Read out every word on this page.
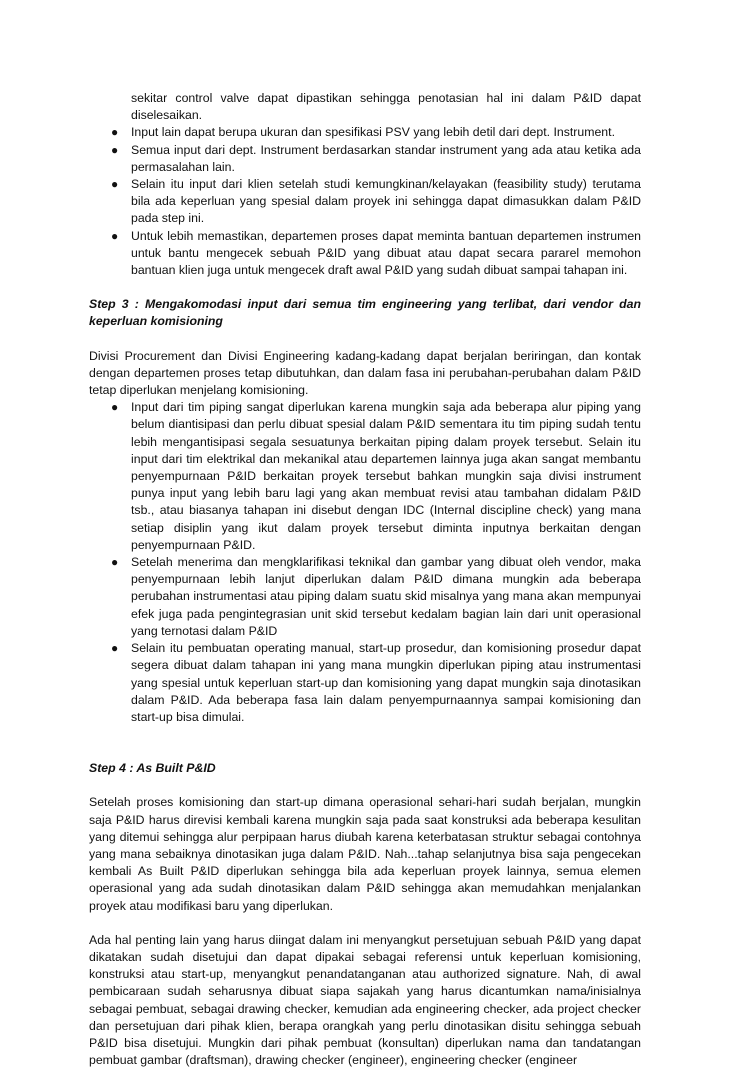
sekitar control valve dapat dipastikan sehingga penotasian hal ini dalam P&ID dapat diselesaikan.
● Input lain dapat berupa ukuran dan spesifikasi PSV yang lebih detil dari dept. Instrument.
● Semua input dari dept. Instrument berdasarkan standar instrument yang ada atau ketika ada permasalahan lain.
● Selain itu input dari klien setelah studi kemungkinan/kelayakan (feasibility study) terutama bila ada keperluan yang spesial dalam proyek ini sehingga dapat dimasukkan dalam P&ID pada step ini.
● Untuk lebih memastikan, departemen proses dapat meminta bantuan departemen instrumen untuk bantu mengecek sebuah P&ID yang dibuat atau dapat secara pararel memohon bantuan klien juga untuk mengecek draft awal P&ID yang sudah dibuat sampai tahapan ini.
Step 3 : Mengakomodasi input dari semua tim engineering yang terlibat, dari vendor dan keperluan komisioning
Divisi Procurement dan Divisi Engineering kadang-kadang dapat berjalan beriringan, dan kontak dengan departemen proses tetap dibutuhkan, dan dalam fasa ini perubahan-perubahan dalam P&ID tetap diperlukan menjelang komisioning.
● Input dari tim piping sangat diperlukan karena mungkin saja ada beberapa alur piping yang belum diantisipasi dan perlu dibuat spesial dalam P&ID sementara itu tim piping sudah tentu lebih mengantisipasi segala sesuatunya berkaitan piping dalam proyek tersebut. Selain itu input dari tim elektrikal dan mekanikal atau departemen lainnya juga akan sangat membantu penyempurnaan P&ID berkaitan proyek tersebut bahkan mungkin saja divisi instrument punya input yang lebih baru lagi yang akan membuat revisi atau tambahan didalam P&ID tsb., atau biasanya tahapan ini disebut dengan IDC (Internal discipline check) yang mana setiap disiplin yang ikut dalam proyek tersebut diminta inputnya berkaitan dengan penyempurnaan P&ID.
● Setelah menerima dan mengklarifikasi teknikal dan gambar yang dibuat oleh vendor, maka penyempurnaan lebih lanjut diperlukan dalam P&ID dimana mungkin ada beberapa perubahan instrumentasi atau piping dalam suatu skid misalnya yang mana akan mempunyai efek juga pada pengintegrasian unit skid tersebut kedalam bagian lain dari unit operasional yang ternotasi dalam P&ID
● Selain itu pembuatan operating manual, start-up prosedur, dan komisioning prosedur dapat segera dibuat dalam tahapan ini yang mana mungkin diperlukan piping atau instrumentasi yang spesial untuk keperluan start-up dan komisioning yang dapat mungkin saja dinotasikan dalam P&ID. Ada beberapa fasa lain dalam penyempurnaannya sampai komisioning dan start-up bisa dimulai.
Step 4 : As Built P&ID
Setelah proses komisioning dan start-up dimana operasional sehari-hari sudah berjalan, mungkin saja P&ID harus direvisi kembali karena mungkin saja pada saat konstruksi ada beberapa kesulitan yang ditemui sehingga alur perpipaan harus diubah karena keterbatasan struktur sebagai contohnya yang mana sebaiknya dinotasikan juga dalam P&ID. Nah...tahap selanjutnya bisa saja pengecekan kembali As Built P&ID diperlukan sehingga bila ada keperluan proyek lainnya, semua elemen operasional yang ada sudah dinotasikan dalam P&ID sehingga akan memudahkan menjalankan proyek atau modifikasi baru yang diperlukan.
Ada hal penting lain yang harus diingat dalam ini menyangkut persetujuan sebuah P&ID yang dapat dikatakan sudah disetujui dan dapat dipakai sebagai referensi untuk keperluan komisioning, konstruksi atau start-up, menyangkut penandatanganan atau authorized signature. Nah, di awal pembicaraan sudah seharusnya dibuat siapa sajakah yang harus dicantumkan nama/inisialnya sebagai pembuat, sebagai drawing checker, kemudian ada engineering checker, ada project checker dan persetujuan dari pihak klien, berapa orangkah yang perlu dinotasikan disitu sehingga sebuah P&ID bisa disetujui. Mungkin dari pihak pembuat (konsultan) diperlukan nama dan tandatangan pembuat gambar (draftsman), drawing checker (engineer), engineering checker (engineer
